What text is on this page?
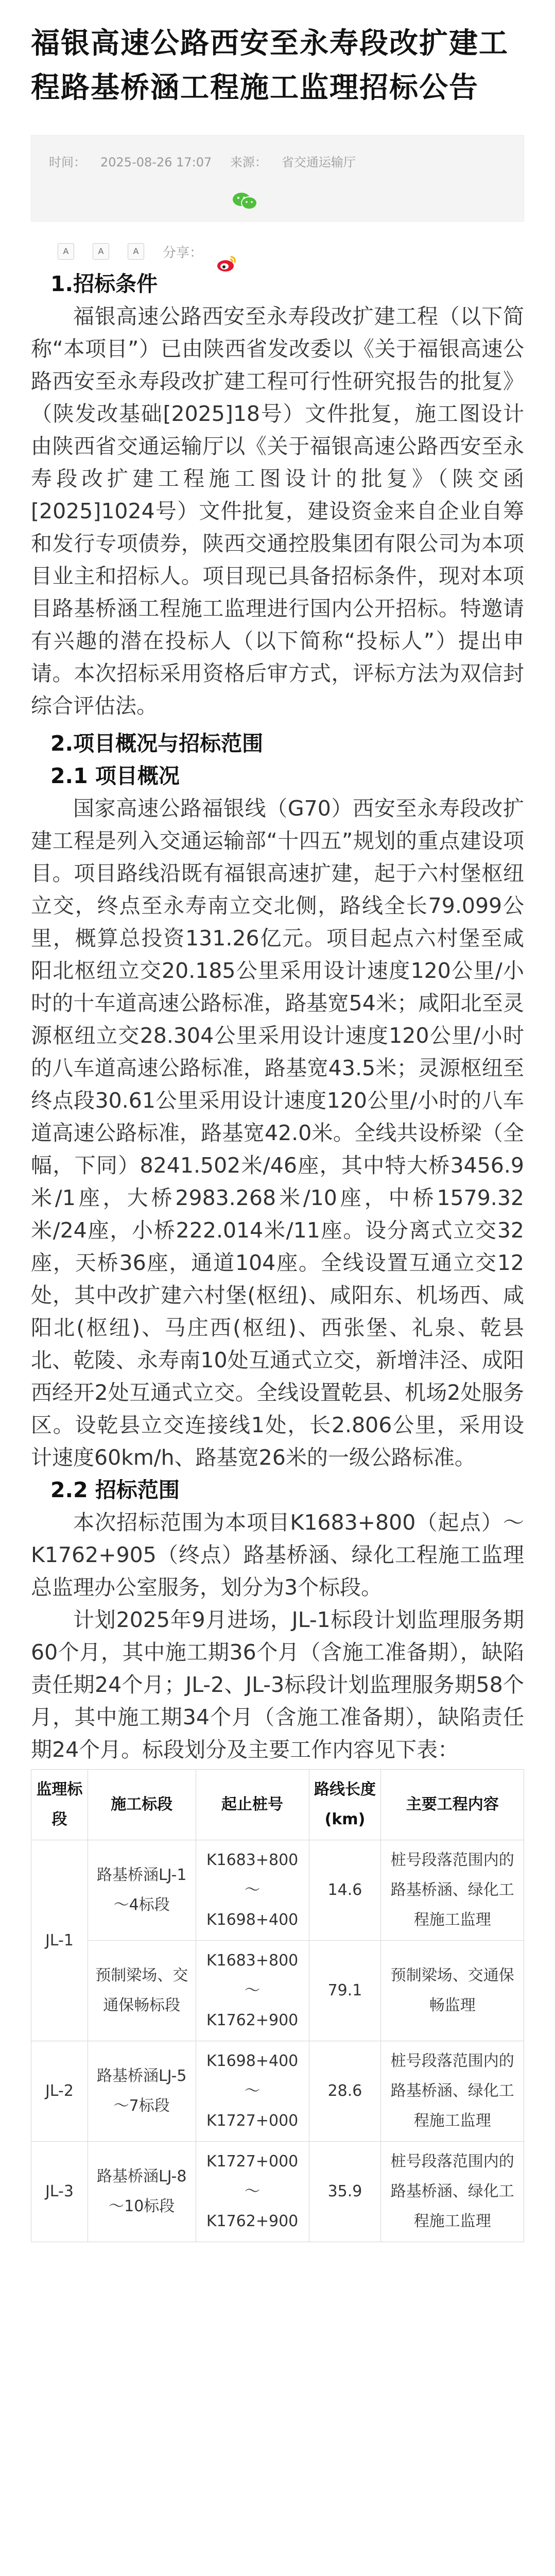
福银高速公路西安至永寿段改扩建工程路基桥涵工程施工监理招标公告
时间： 2025-08-26 17:07 来源： 省交通运输厅
A	A	A	分享：
1.招标条件

福银高速公路西安至永寿段改扩建工程（以下简称“本项目”）已由陕西省发改委以《关于福银高速公路西安至永寿段改扩建工程可行性研究报告的批复》（陕发改基础[2025]18号）文件批复，施工图设计由陕西省交通运输厅以《关于福银高速公路西安至永寿段改扩建工程施工图设计的批复》（陕交函[2025]1024号）文件批复，建设资金来自企业自筹和发行专项债券，陕西交通控股集团有限公司为本项目业主和招标人。项目现已具备招标条件，现对本项目路基桥涵工程施工监理进行国内公开招标。特邀请有兴趣的潜在投标人（以下简称“投标人”）提出申请。本次招标采用资格后审方式，评标方法为双信封综合评估法。

2.项目概况与招标范围
2.1 项目概况

国家高速公路福银线（G70）西安至永寿段改扩建工程是列入交通运输部“十四五”规划的重点建设项目。项目路线沿既有福银高速扩建，起于六村堡枢纽立交，终点至永寿南立交北侧，路线全长79.099公里，概算总投资131.26亿元。项目起点六村堡至咸阳北枢纽立交20.185公里采用设计速度120公里/小时的十车道高速公路标准，路基宽54米；咸阳北至灵源枢纽立交28.304公里采用设计速度120公里/小时的八车道高速公路标准，路基宽43.5米；灵源枢纽至终点段30.61公里采用设计速度120公里/小时的八车道高速公路标准，路基宽42.0米。全线共设桥梁（全幅，下同）8241.502米/46座，其中特大桥3456.9米/1座，大桥2983.268米/10座，中桥1579.32米/24座，小桥222.014米/11座。设分离式立交32座，天桥36座，通道104座。全线设置互通立交12处，其中改扩建六村堡(枢纽)、咸阳东、机场西、咸阳北(枢纽)、马庄西(枢纽)、西张堡、礼泉、乾县北、乾陵、永寿南10处互通式立交，新增沣泾、成阳西经开2处互通式立交。全线设置乾县、机场2处服务区。设乾县立交连接线1处，长2.806公里，采用设计速度60km/h、路基宽26米的一级公路标准。

2.2 招标范围

本次招标范围为本项目K1683+800（起点）～K1762+905（终点）路基桥涵、绿化工程施工监理总监理办公室服务，划分为3个标段。

计划2025年9月进场，JL-1标段计划监理服务期60个月，其中施工期36个月（含施工准备期），缺陷责任期24个月；JL-2、JL-3标段计划监理服务期58个月，其中施工期34个月（含施工准备期），缺陷责任期24个月。标段划分及主要工作内容见下表：

监理标段	施工标段	起止桩号	路线长度(km)	主要工程内容
JL-1	路基桥涵LJ-1～4标段	K1683+800～K1698+400	14.6	桩号段落范围内的路基桥涵、绿化工程施工监理
	预制梁场、交通保畅标段	K1683+800～K1762+900	79.1	预制梁场、交通保畅监理
JL-2	路基桥涵LJ-5～7标段	K1698+400～K1727+000	28.6	桩号段落范围内的路基桥涵、绿化工程施工监理
JL-3	路基桥涵LJ-8～10标段	K1727+000～K1762+900	35.9	桩号段落范围内的路基桥涵、绿化工程施工监理
